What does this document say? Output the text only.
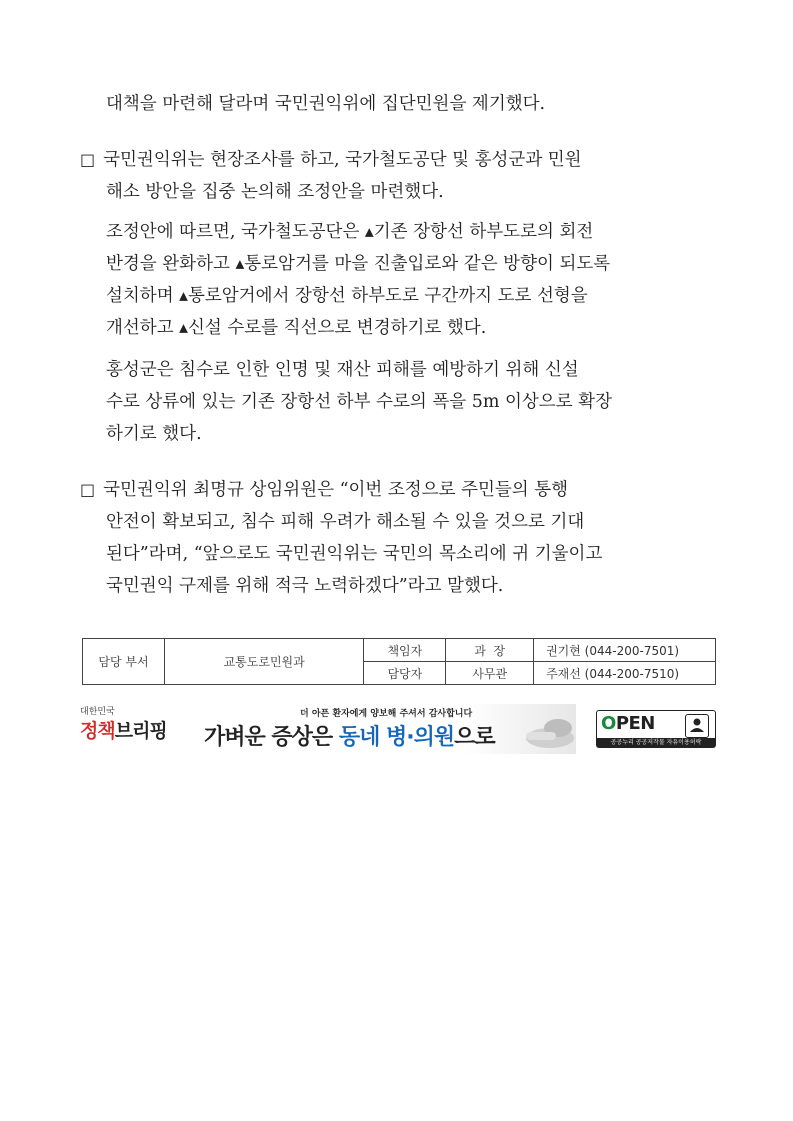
대책을 마련해 달라며 국민권익위에 집단민원을 제기했다.
□ 국민권익위는 현장조사를 하고, 국가철도공단 및 홍성군과 민원
해소 방안을 집중 논의해 조정안을 마련했다.
조정안에 따르면, 국가철도공단은 ▴기존 장항선 하부도로의 회전
반경을 완화하고 ▴통로암거를 마을 진출입로와 같은 방향이 되도록
설치하며 ▴통로암거에서 장항선 하부도로 구간까지 도로 선형을
개선하고 ▴신설 수로를 직선으로 변경하기로 했다.
홍성군은 침수로 인한 인명 및 재산 피해를 예방하기 위해 신설
수로 상류에 있는 기존 장항선 하부 수로의 폭을 5m 이상으로 확장
하기로 했다.
□ 국민권익위 최명규 상임위원은 “이번 조정으로 주민들의 통행
안전이 확보되고, 침수 피해 우려가 해소될 수 있을 것으로 기대
된다”라며, “앞으로도 국민권익위는 국민의 목소리에 귀 기울이고
국민권익 구제를 위해 적극 노력하겠다”라고 말했다.
담당 부서	교통도로민원과	책임자	과  장	권기현 (044-200-7501)
		담당자	사무관	주재선 (044-200-7510)
대한민국
정책브리핑
더 아픈 환자에게 양보해 주셔서 감사합니다
가벼운 증상은 동네 병·의원으로
OPEN
공공누리 공공저작물 자유이용허락
